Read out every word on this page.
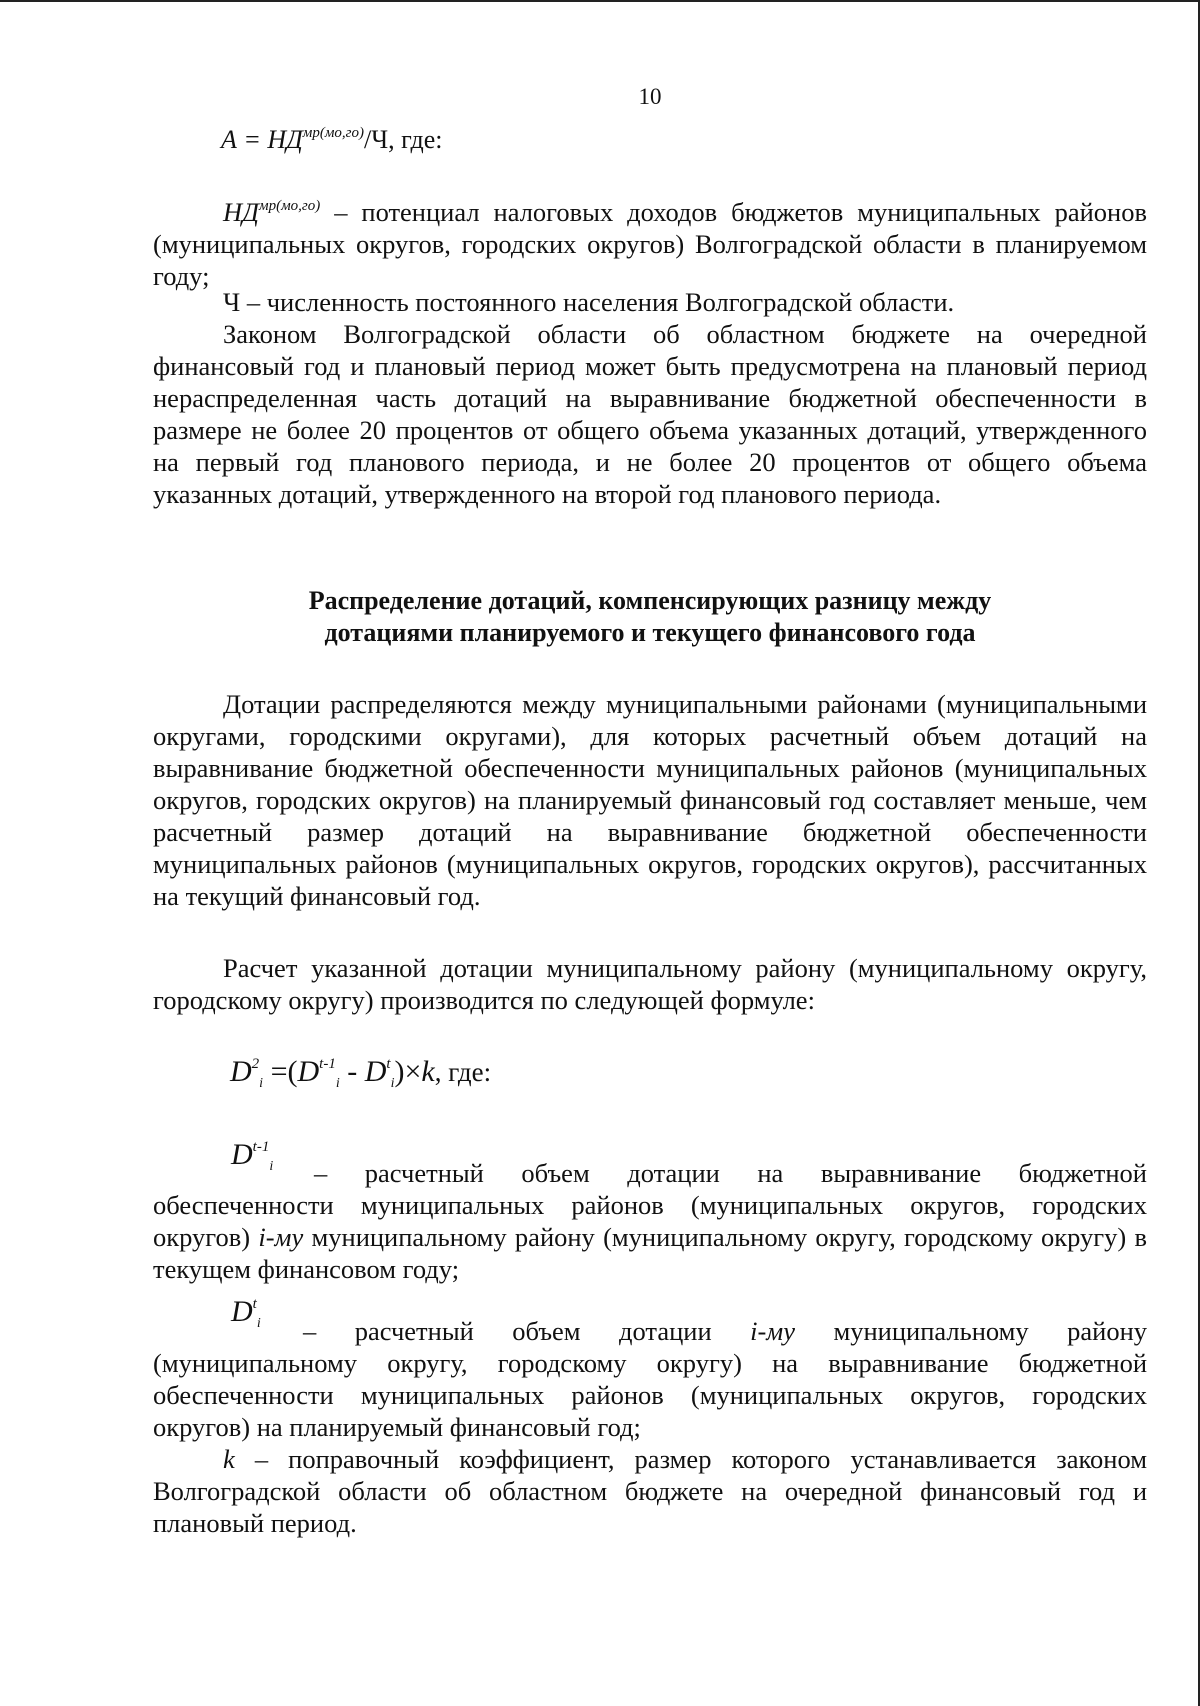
10
$А = НД^{мр(мо,го)}/Ч$, где:

$НД^{мр(мо,го)}$ – потенциал налоговых доходов бюджетов муниципальных районов (муниципальных округов, городских округов) Волгоградской области в планируемом году;

Ч – численность постоянного населения Волгоградской области.

Законом Волгоградской области об областном бюджете на очередной финансовый год и плановый период может быть предусмотрена на плановый период нераспределенная часть дотаций на выравнивание бюджетной обеспеченности в размере не более 20 процентов от общего объема указанных дотаций, утвержденного на первый год планового периода, и не более 20 процентов от общего объема указанных дотаций, утвержденного на второй год планового периода.

Распределение дотаций, компенсирующих разницу между
дотациями планируемого и текущего финансового года

Дотации распределяются между муниципальными районами (муниципальными округами, городскими округами), для которых расчетный объем дотаций на выравнивание бюджетной обеспеченности муниципальных районов (муниципальных округов, городских округов) на планируемый финансовый год составляет меньше, чем расчетный размер дотаций на выравнивание бюджетной обеспеченности муниципальных районов (муниципальных округов, городских округов), рассчитанных на текущий финансовый год.

Расчет указанной дотации муниципальному району (муниципальному округу, городскому округу) производится по следующей формуле:

$D^2_i =(D^{t-1}_i - D^t_i)\times k$, где:
$D^{t-1}_i$ – расчетный объем дотации на выравнивание бюджетной

обеспеченности муниципальных районов (муниципальных округов, городских округов) i-му муниципальному району (муниципальному округу, городскому округу) в текущем финансовом году;

$D^t_i$ – расчетный объем дотации i-му муниципальному району

(муниципальному округу, городскому округу) на выравнивание бюджетной обеспеченности муниципальных районов (муниципальных округов, городских округов) на планируемый финансовый год;

k – поправочный коэффициент, размер которого устанавливается законом Волгоградской области об областном бюджете на очередной финансовый год и плановый период.
